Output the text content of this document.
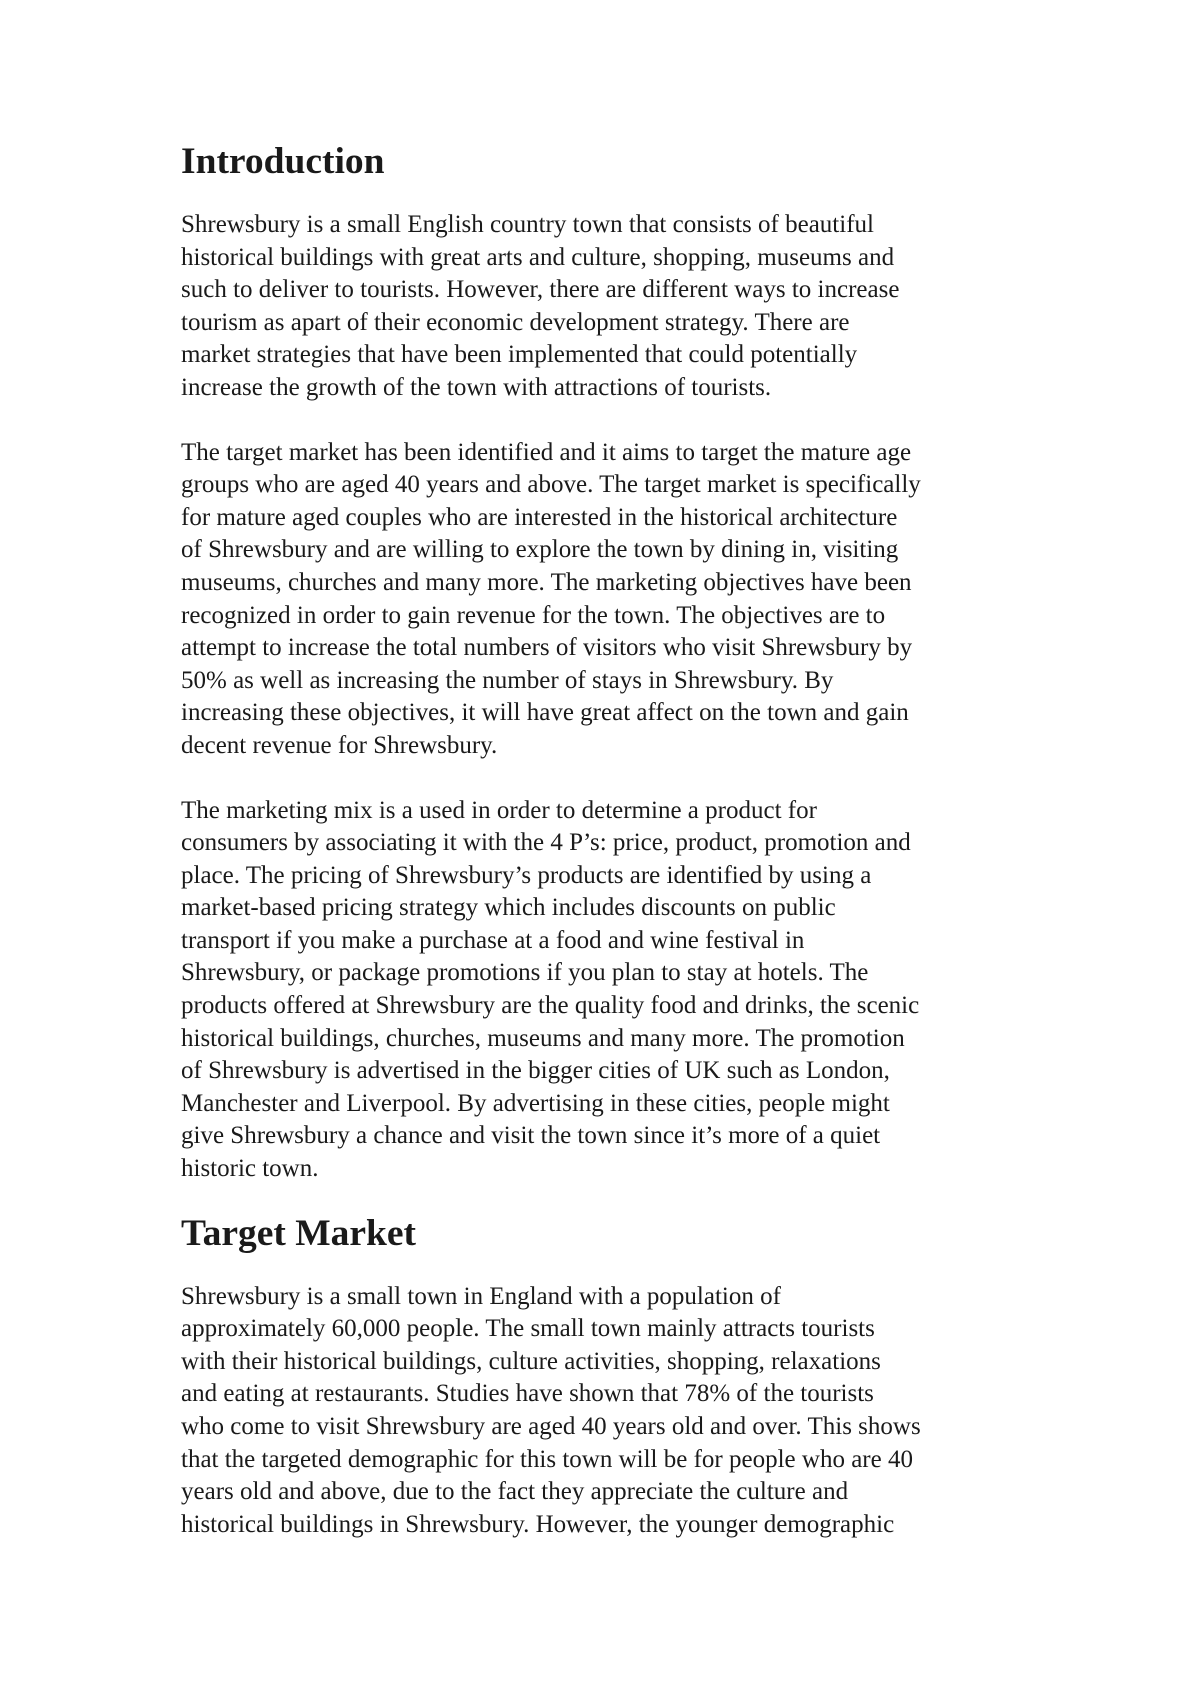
Introduction

Shrewsbury is a small English country town that consists of beautiful
historical buildings with great arts and culture, shopping, museums and
such to deliver to tourists. However, there are different ways to increase
tourism as apart of their economic development strategy. There are
market strategies that have been implemented that could potentially
increase the growth of the town with attractions of tourists.

The target market has been identified and it aims to target the mature age
groups who are aged 40 years and above. The target market is specifically
for mature aged couples who are interested in the historical architecture
of Shrewsbury and are willing to explore the town by dining in, visiting
museums, churches and many more. The marketing objectives have been
recognized in order to gain revenue for the town. The objectives are to
attempt to increase the total numbers of visitors who visit Shrewsbury by
50% as well as increasing the number of stays in Shrewsbury. By
increasing these objectives, it will have great affect on the town and gain
decent revenue for Shrewsbury.

The marketing mix is a used in order to determine a product for
consumers by associating it with the 4 P’s: price, product, promotion and
place. The pricing of Shrewsbury’s products are identified by using a
market-based pricing strategy which includes discounts on public
transport if you make a purchase at a food and wine festival in
Shrewsbury, or package promotions if you plan to stay at hotels. The
products offered at Shrewsbury are the quality food and drinks, the scenic
historical buildings, churches, museums and many more. The promotion
of Shrewsbury is advertised in the bigger cities of UK such as London,
Manchester and Liverpool. By advertising in these cities, people might
give Shrewsbury a chance and visit the town since it’s more of a quiet
historic town.

Target Market

Shrewsbury is a small town in England with a population of
approximately 60,000 people. The small town mainly attracts tourists
with their historical buildings, culture activities, shopping, relaxations
and eating at restaurants. Studies have shown that 78% of the tourists
who come to visit Shrewsbury are aged 40 years old and over. This shows
that the targeted demographic for this town will be for people who are 40
years old and above, due to the fact they appreciate the culture and
historical buildings in Shrewsbury. However, the younger demographic
